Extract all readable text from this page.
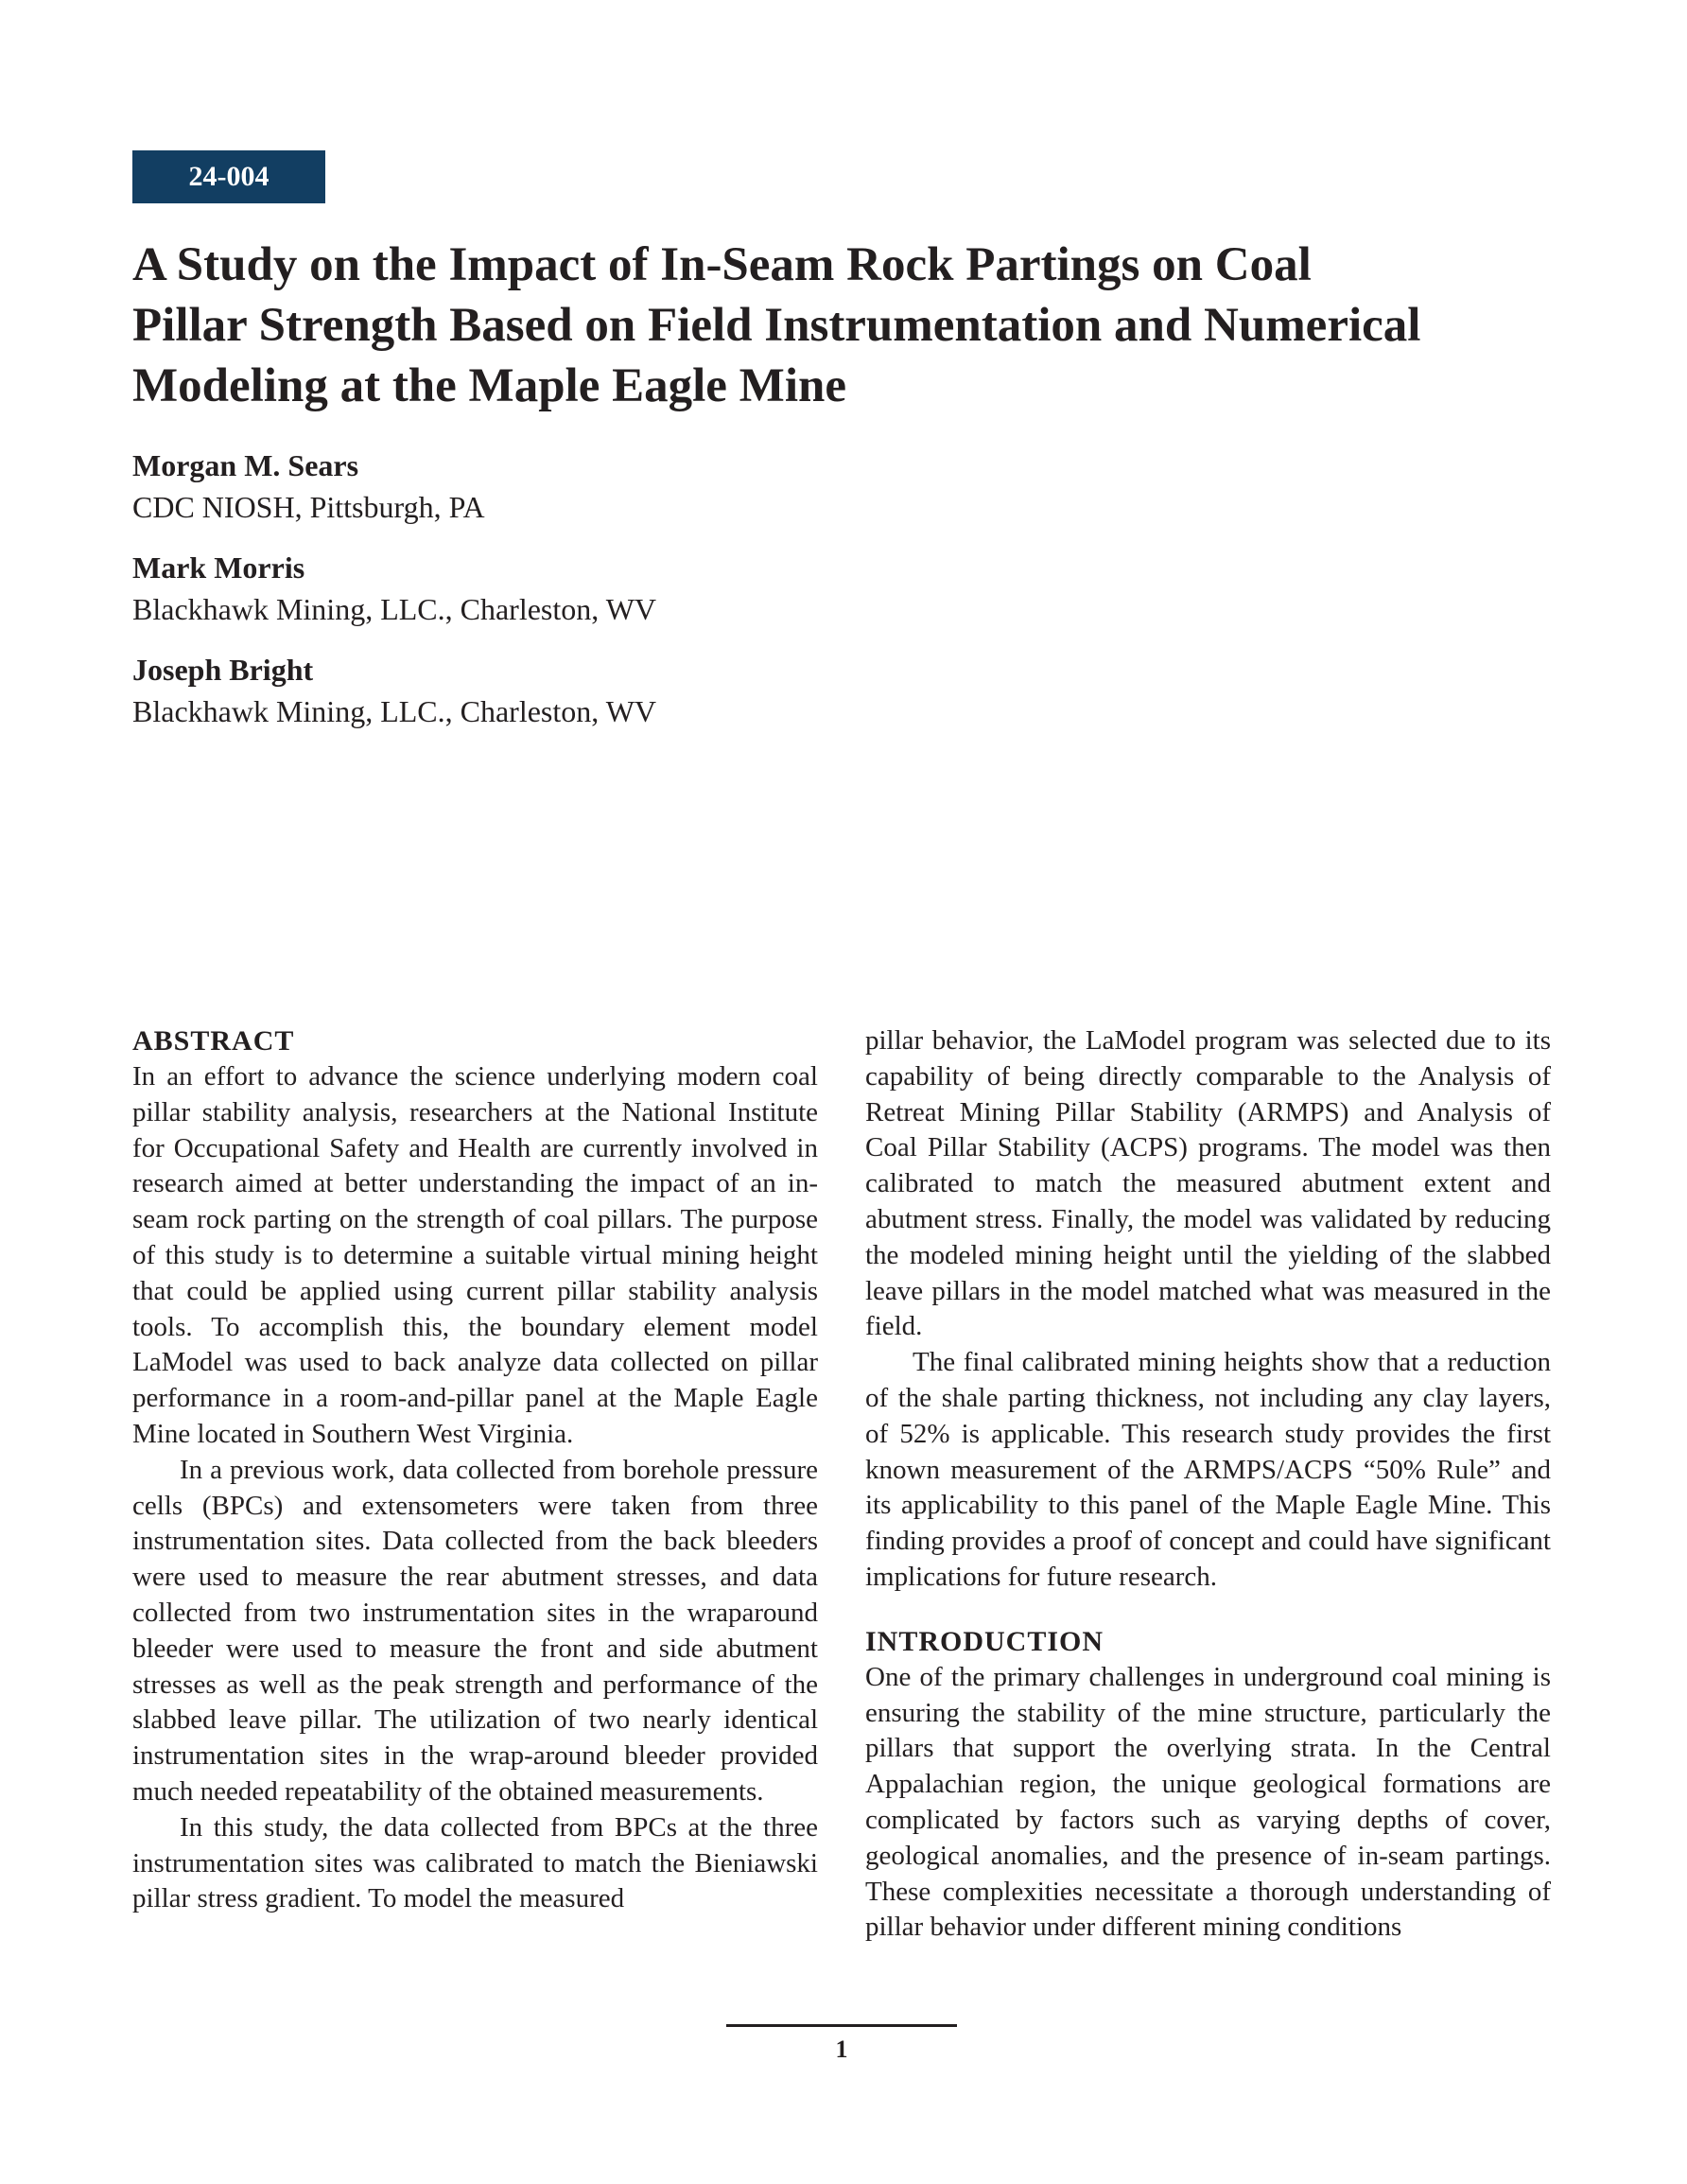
24-004
A Study on the Impact of In-Seam Rock Partings on Coal
Pillar Strength Based on Field Instrumentation and Numerical
Modeling at the Maple Eagle Mine
Morgan M. Sears
CDC NIOSH, Pittsburgh, PA
Mark Morris
Blackhawk Mining, LLC., Charleston, WV
Joseph Bright
Blackhawk Mining, LLC., Charleston, WV
ABSTRACT

In an effort to advance the science underlying modern coal pillar stability analysis, researchers at the National Institute for Occupational Safety and Health are currently involved in research aimed at better understanding the impact of an in-seam rock parting on the strength of coal pillars. The purpose of this study is to determine a suitable virtual mining height that could be applied using current pillar stability analysis tools. To accomplish this, the boundary element model LaModel was used to back analyze data collected on pillar performance in a room-and-pillar panel at the Maple Eagle Mine located in Southern West Virginia.

In a previous work, data collected from borehole pressure cells (BPCs) and extensometers were taken from three instrumentation sites. Data collected from the back bleeders were used to measure the rear abutment stresses, and data collected from two instrumentation sites in the wraparound bleeder were used to measure the front and side abutment stresses as well as the peak strength and performance of the slabbed leave pillar. The utilization of two nearly identical instrumentation sites in the wrap-around bleeder provided much needed repeatability of the obtained measurements.

In this study, the data collected from BPCs at the three instrumentation sites was calibrated to match the Bieniawski pillar stress gradient. To model the measured

pillar behavior, the LaModel program was selected due to its capability of being directly comparable to the Analysis of Retreat Mining Pillar Stability (ARMPS) and Analysis of Coal Pillar Stability (ACPS) programs. The model was then calibrated to match the measured abutment extent and abutment stress. Finally, the model was validated by reducing the modeled mining height until the yielding of the slabbed leave pillars in the model matched what was measured in the field.

The final calibrated mining heights show that a reduction of the shale parting thickness, not including any clay layers, of 52% is applicable. This research study provides the first known measurement of the ARMPS/ACPS “50% Rule” and its applicability to this panel of the Maple Eagle Mine. This finding provides a proof of concept and could have significant implications for future research.

INTRODUCTION

One of the primary challenges in underground coal mining is ensuring the stability of the mine structure, particularly the pillars that support the overlying strata. In the Central Appalachian region, the unique geological formations are complicated by factors such as varying depths of cover, geological anomalies, and the presence of in-seam partings. These complexities necessitate a thorough understanding of pillar behavior under different mining conditions

1
